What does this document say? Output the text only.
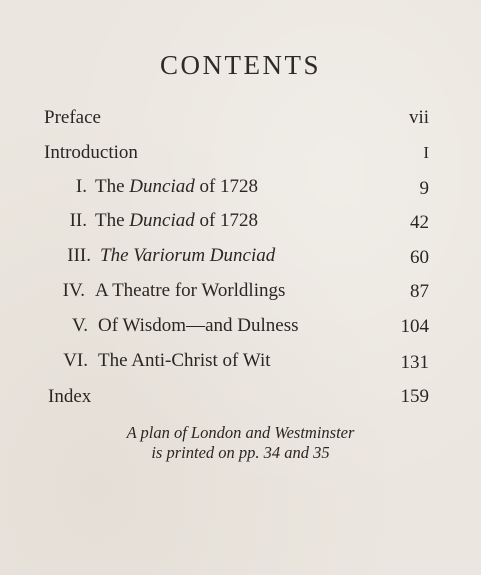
CONTENTS
Preface	vii
Introduction	I
I. The Dunciad of 1728	9
II. The Dunciad of 1728	42
III. The Variorum Dunciad	60
IV. A Theatre for Worldlings	87
V. Of Wisdom—and Dulness	104
VI. The Anti-Christ of Wit	131
Index	159
A plan of London and Westminster
is printed on pp. 34 and 35
